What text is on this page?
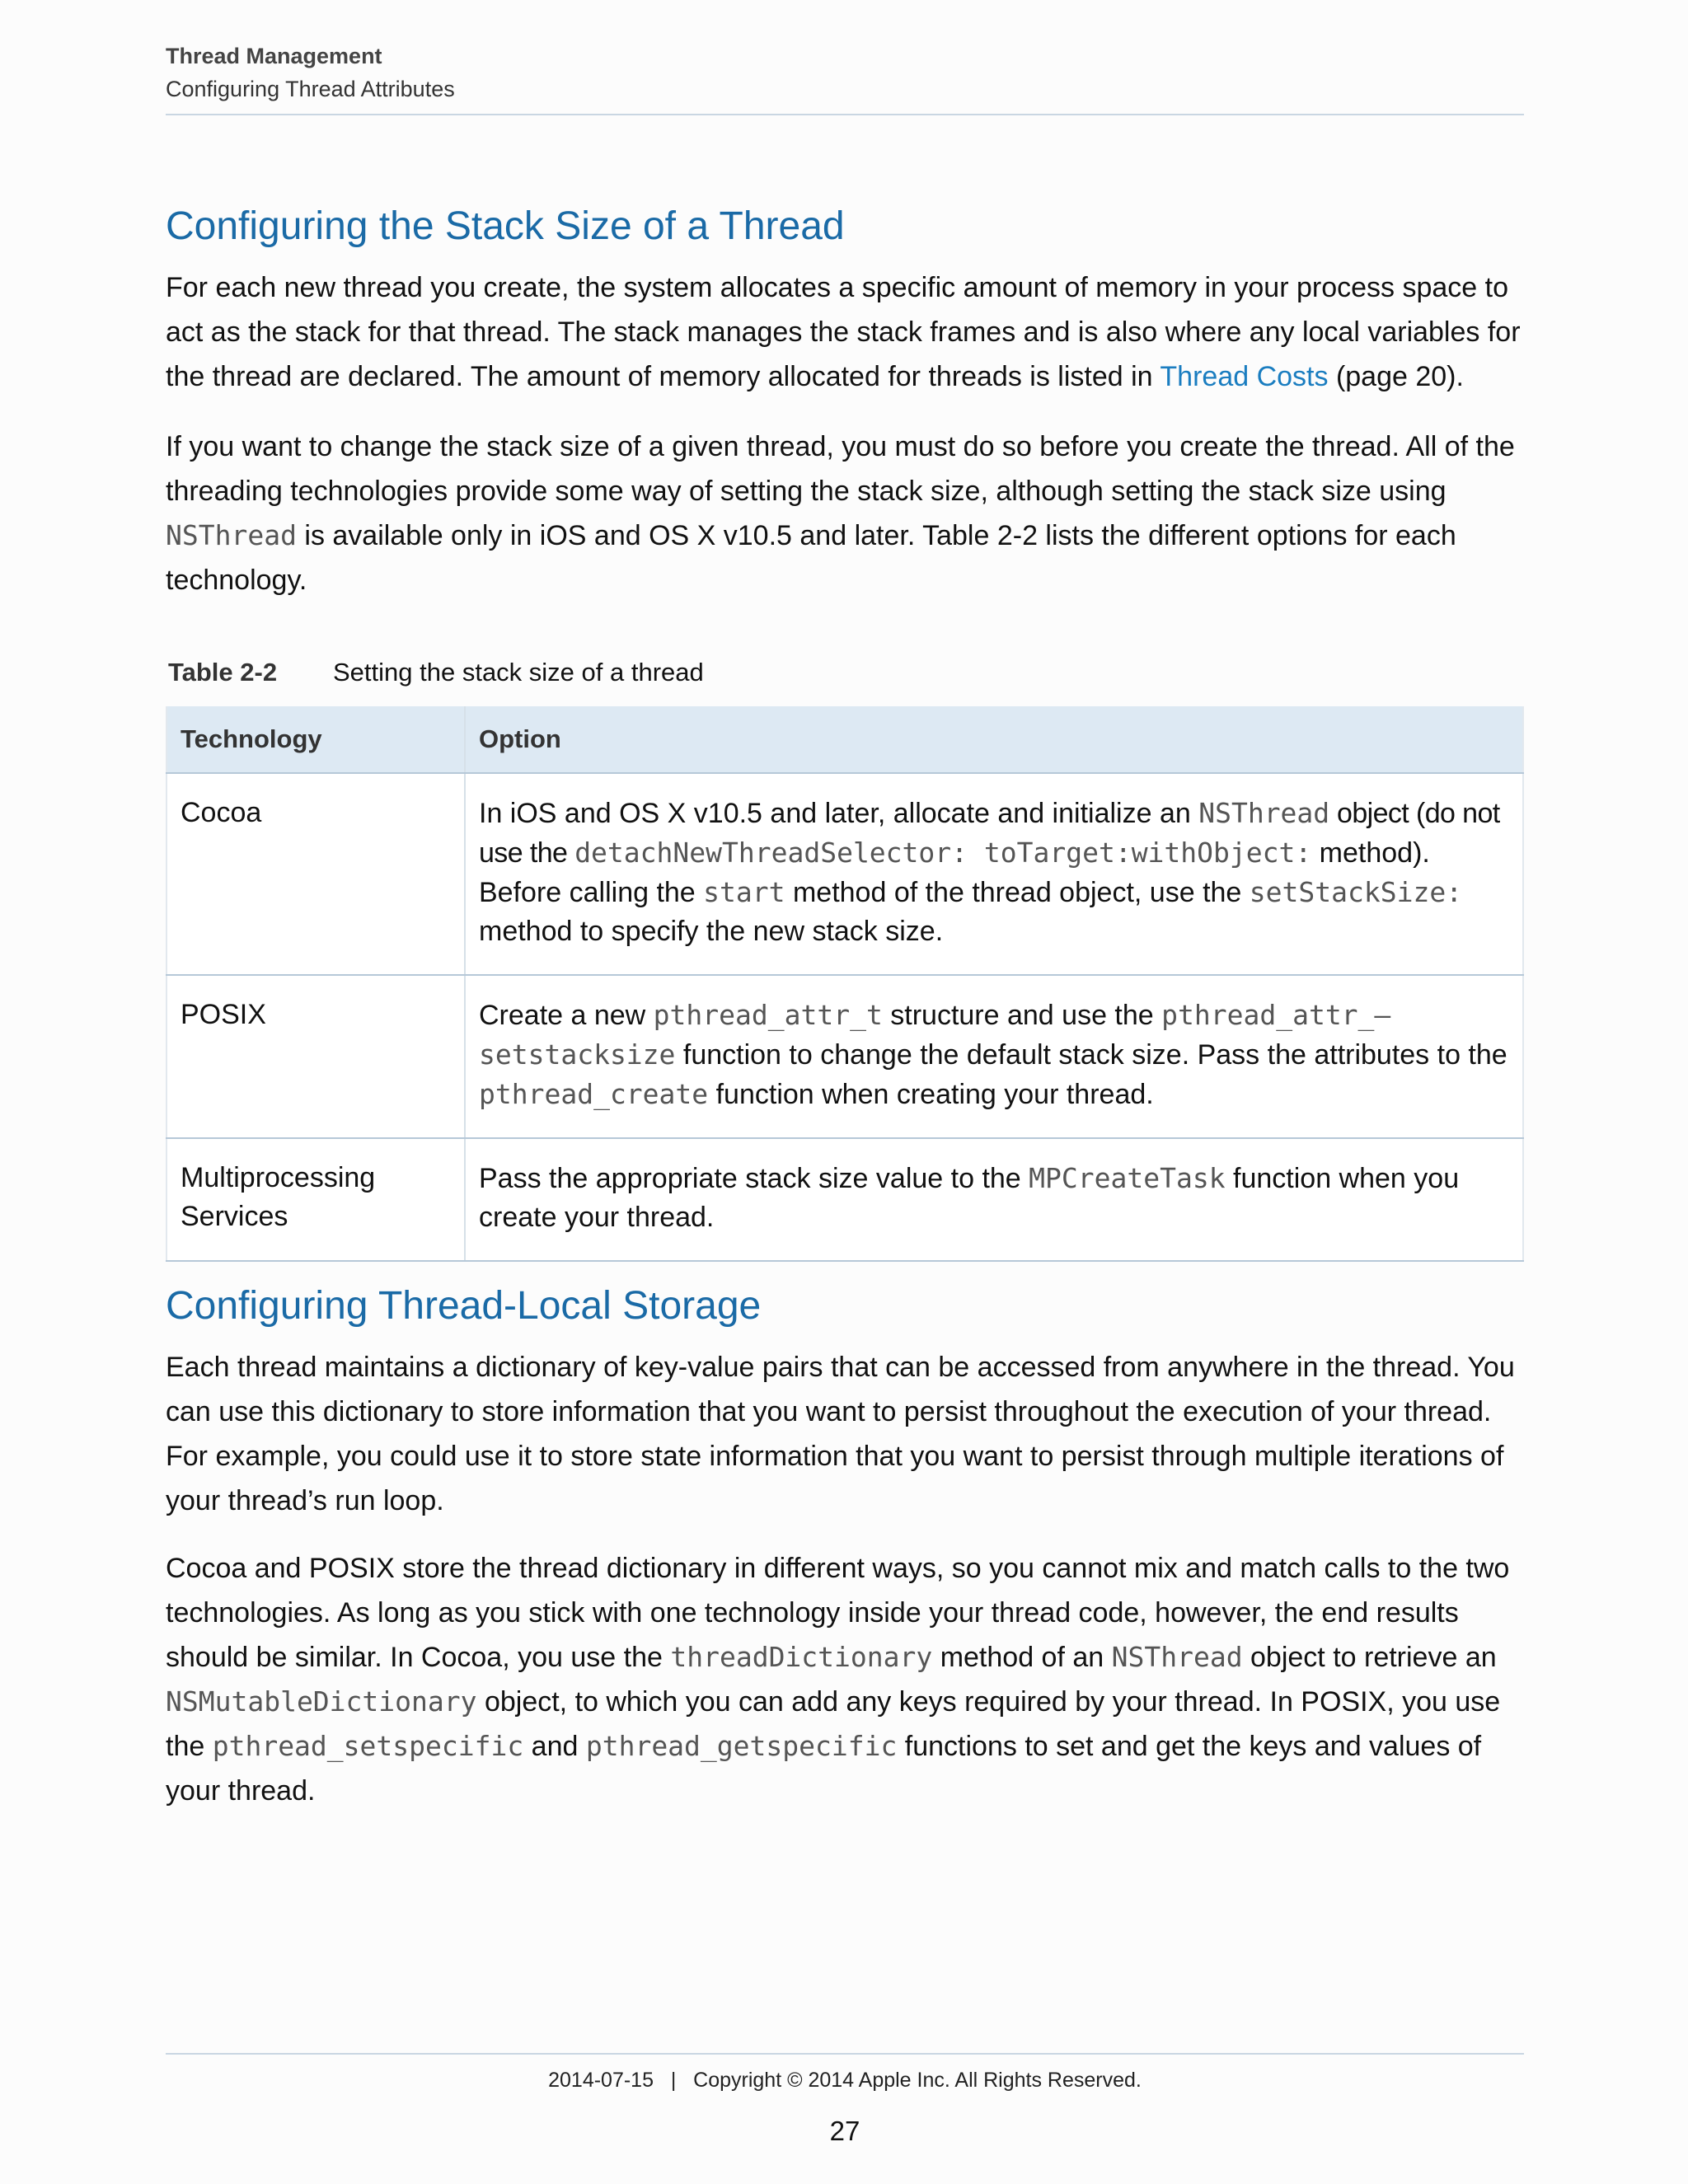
Thread Management
Configuring Thread Attributes
Configuring the Stack Size of a Thread
For each new thread you create, the system allocates a specific amount of memory in your process space to act as the stack for that thread. The stack manages the stack frames and is also where any local variables for the thread are declared. The amount of memory allocated for threads is listed in Thread Costs (page 20).
If you want to change the stack size of a given thread, you must do so before you create the thread. All of the threading technologies provide some way of setting the stack size, although setting the stack size using NSThread is available only in iOS and OS X v10.5 and later. Table 2-2 lists the different options for each technology.
Table 2-2 Setting the stack size of a thread
Technology	Option
Cocoa	In iOS and OS X v10.5 and later, allocate and initialize an NSThread object (do not use the detachNewThreadSelector: toTarget:withObject: method). Before calling the start method of the thread object, use the setStackSize: method to specify the new stack size.
POSIX	Create a new pthread_attr_t structure and use the pthread_attr_–setstacksize function to change the default stack size. Pass the attributes to the pthread_create function when creating your thread.
Multiprocessing Services	Pass the appropriate stack size value to the MPCreateTask function when you create your thread.
Configuring Thread-Local Storage
Each thread maintains a dictionary of key-value pairs that can be accessed from anywhere in the thread. You can use this dictionary to store information that you want to persist throughout the execution of your thread. For example, you could use it to store state information that you want to persist through multiple iterations of your thread’s run loop.
Cocoa and POSIX store the thread dictionary in different ways, so you cannot mix and match calls to the two technologies. As long as you stick with one technology inside your thread code, however, the end results should be similar. In Cocoa, you use the threadDictionary method of an NSThread object to retrieve an NSMutableDictionary object, to which you can add any keys required by your thread. In POSIX, you use the pthread_setspecific and pthread_getspecific functions to set and get the keys and values of your thread.
2014-07-15   |   Copyright © 2014 Apple Inc. All Rights Reserved.
27
